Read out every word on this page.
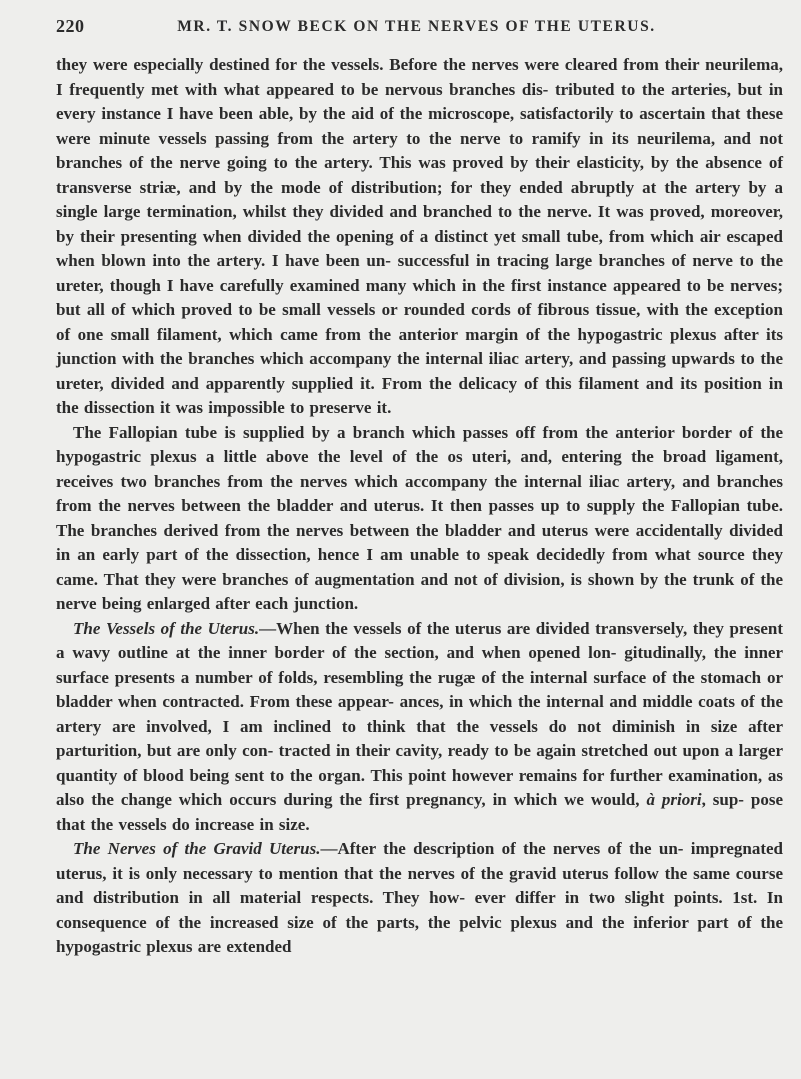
220	MR. T. SNOW BECK ON THE NERVES OF THE UTERUS.

they were especially destined for the vessels. Before the nerves were cleared from their neurilema, I frequently met with what appeared to be nervous branches dis- tributed to the arteries, but in every instance I have been able, by the aid of the microscope, satisfactorily to ascertain that these were minute vessels passing from the artery to the nerve to ramify in its neurilema, and not branches of the nerve going to the artery. This was proved by their elasticity, by the absence of transverse striæ, and by the mode of distribution; for they ended abruptly at the artery by a single large termination, whilst they divided and branched to the nerve. It was proved, moreover, by their presenting when divided the opening of a distinct yet small tube, from which air escaped when blown into the artery. I have been un- successful in tracing large branches of nerve to the ureter, though I have carefully examined many which in the first instance appeared to be nerves; but all of which proved to be small vessels or rounded cords of fibrous tissue, with the exception of one small filament, which came from the anterior margin of the hypogastric plexus after its junction with the branches which accompany the internal iliac artery, and passing upwards to the ureter, divided and apparently supplied it. From the delicacy of this filament and its position in the dissection it was impossible to preserve it.

The Fallopian tube is supplied by a branch which passes off from the anterior border of the hypogastric plexus a little above the level of the os uteri, and, entering the broad ligament, receives two branches from the nerves which accompany the internal iliac artery, and branches from the nerves between the bladder and uterus. It then passes up to supply the Fallopian tube. The branches derived from the nerves between the bladder and uterus were accidentally divided in an early part of the dissection, hence I am unable to speak decidedly from what source they came. That they were branches of augmentation and not of division, is shown by the trunk of the nerve being enlarged after each junction.

The Vessels of the Uterus.—When the vessels of the uterus are divided transversely, they present a wavy outline at the inner border of the section, and when opened lon- gitudinally, the inner surface presents a number of folds, resembling the rugæ of the internal surface of the stomach or bladder when contracted. From these appear- ances, in which the internal and middle coats of the artery are involved, I am inclined to think that the vessels do not diminish in size after parturition, but are only con- tracted in their cavity, ready to be again stretched out upon a larger quantity of blood being sent to the organ. This point however remains for further examination, as also the change which occurs during the first pregnancy, in which we would, à priori, sup- pose that the vessels do increase in size.

The Nerves of the Gravid Uterus.—After the description of the nerves of the un- impregnated uterus, it is only necessary to mention that the nerves of the gravid uterus follow the same course and distribution in all material respects. They how- ever differ in two slight points. 1st. In consequence of the increased size of the parts, the pelvic plexus and the inferior part of the hypogastric plexus are extended
